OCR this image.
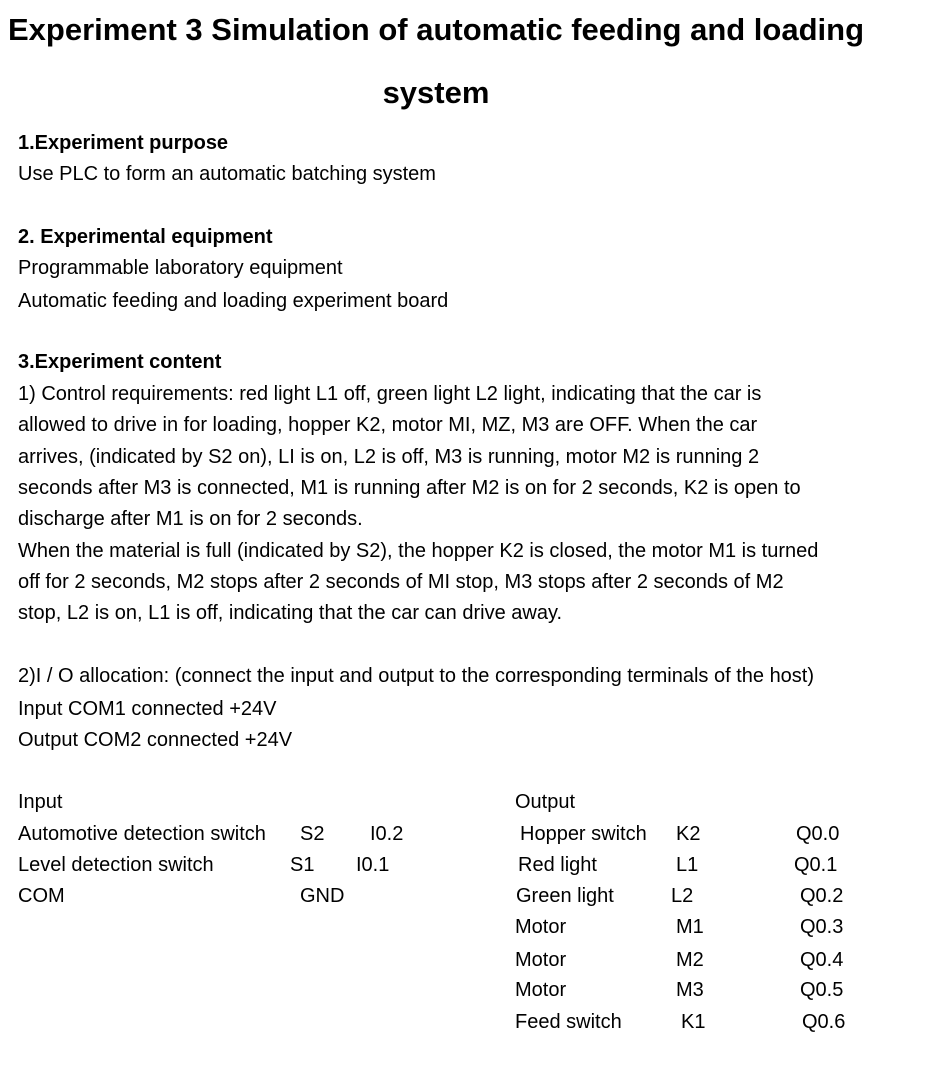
Experiment 3 Simulation of automatic feeding and loading
system
1.Experiment purpose
Use PLC to form an automatic batching system
2. Experimental equipment
Programmable laboratory equipment
Automatic feeding and loading experiment board
3.Experiment content
1) Control requirements: red light L1 off, green light L2 light, indicating that the car is
allowed to drive in for loading, hopper K2, motor MI, MZ, M3 are OFF. When the car
arrives, (indicated by S2 on), LI is on, L2 is off, M3 is running, motor M2 is running 2
seconds after M3 is connected, M1 is running after M2 is on for 2 seconds, K2 is open to
discharge after M1 is on for 2 seconds.
When the material is full (indicated by S2), the hopper K2 is closed, the motor M1 is turned
off for 2 seconds, M2 stops after 2 seconds of MI stop, M3 stops after 2 seconds of M2
stop, L2 is on, L1 is off, indicating that the car can drive away.
2)I / O allocation: (connect the input and output to the corresponding terminals of the host)
Input COM1 connected +24V
Output COM2 connected +24V
Input
Automotive detection switch S2 I0.2
Level detection switch	S1 I0.1
COM	GND
Output
Hopper switch K2	Q0.0
Red light	L1	Q0.1
Green light	L2	Q0.2
Motor	M1	Q0.3
Motor	M2	Q0.4
Motor	M3	Q0.5
Feed switch	K1	Q0.6
